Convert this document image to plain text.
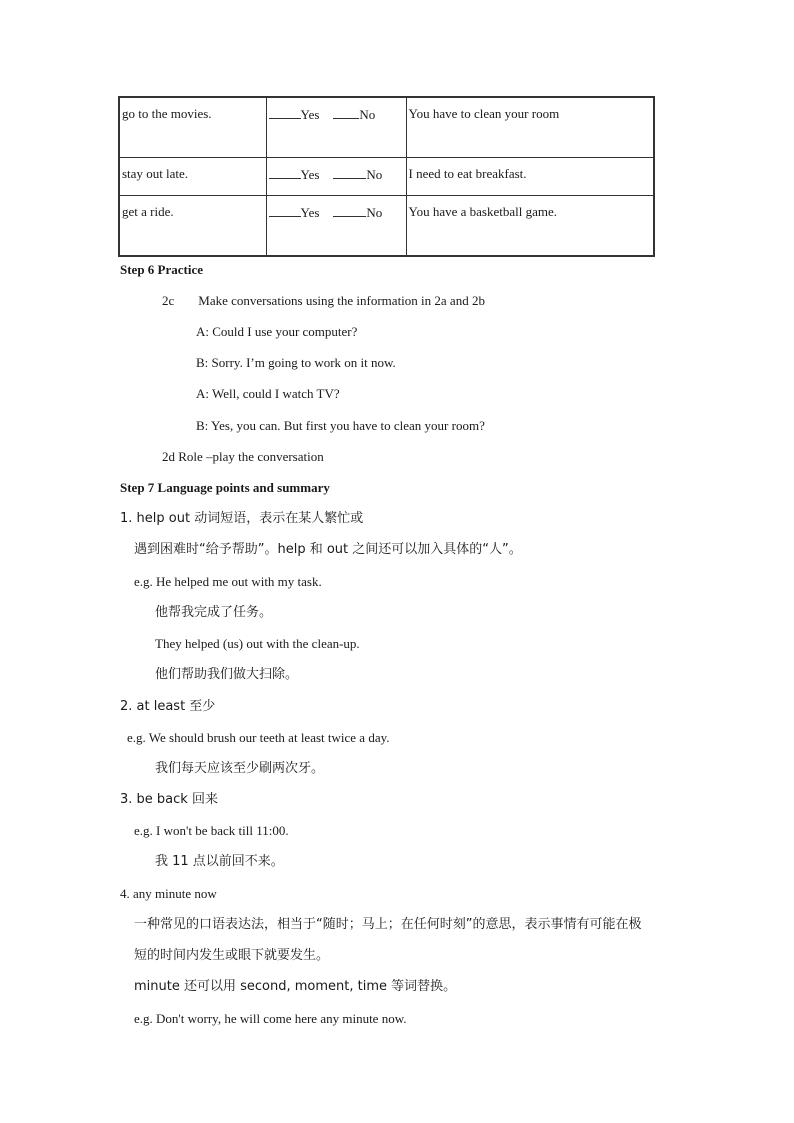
go to the movies.	Yes No	You have to clean your room
stay out late.	Yes No	I need to eat breakfast.
get a ride.	Yes No	You have a basketball game.
Step 6 Practice
2c Make conversations using the information in 2a and 2b
A: Could I use your computer?
B: Sorry. I’m going to work on it now.
A: Well, could I watch TV?
B: Yes, you can. But first you have to clean your room?
2d Role –play the conversation
Step 7 Language points and summary
1. help out 动词短语，表示在某人繁忙或
遇到困难时“给予帮助”。help 和 out 之间还可以加入具体的“人”。
e.g. He helped me out with my task.
他帮我完成了任务。
They helped (us) out with the clean-up.
他们帮助我们做大扫除。
2. at least 至少
e.g. We should brush our teeth at least twice a day.
我们每天应该至少刷两次牙。
3. be back 回来
e.g. I won't be back till 11:00.
我 11 点以前回不来。
4. any minute now
一种常见的口语表达法，相当于“随时；马上；在任何时刻”的意思，表示事情有可能在极
短的时间内发生或眼下就要发生。
minute 还可以用 second, moment, time 等词替换。
e.g. Don't worry, he will come here any minute now.
